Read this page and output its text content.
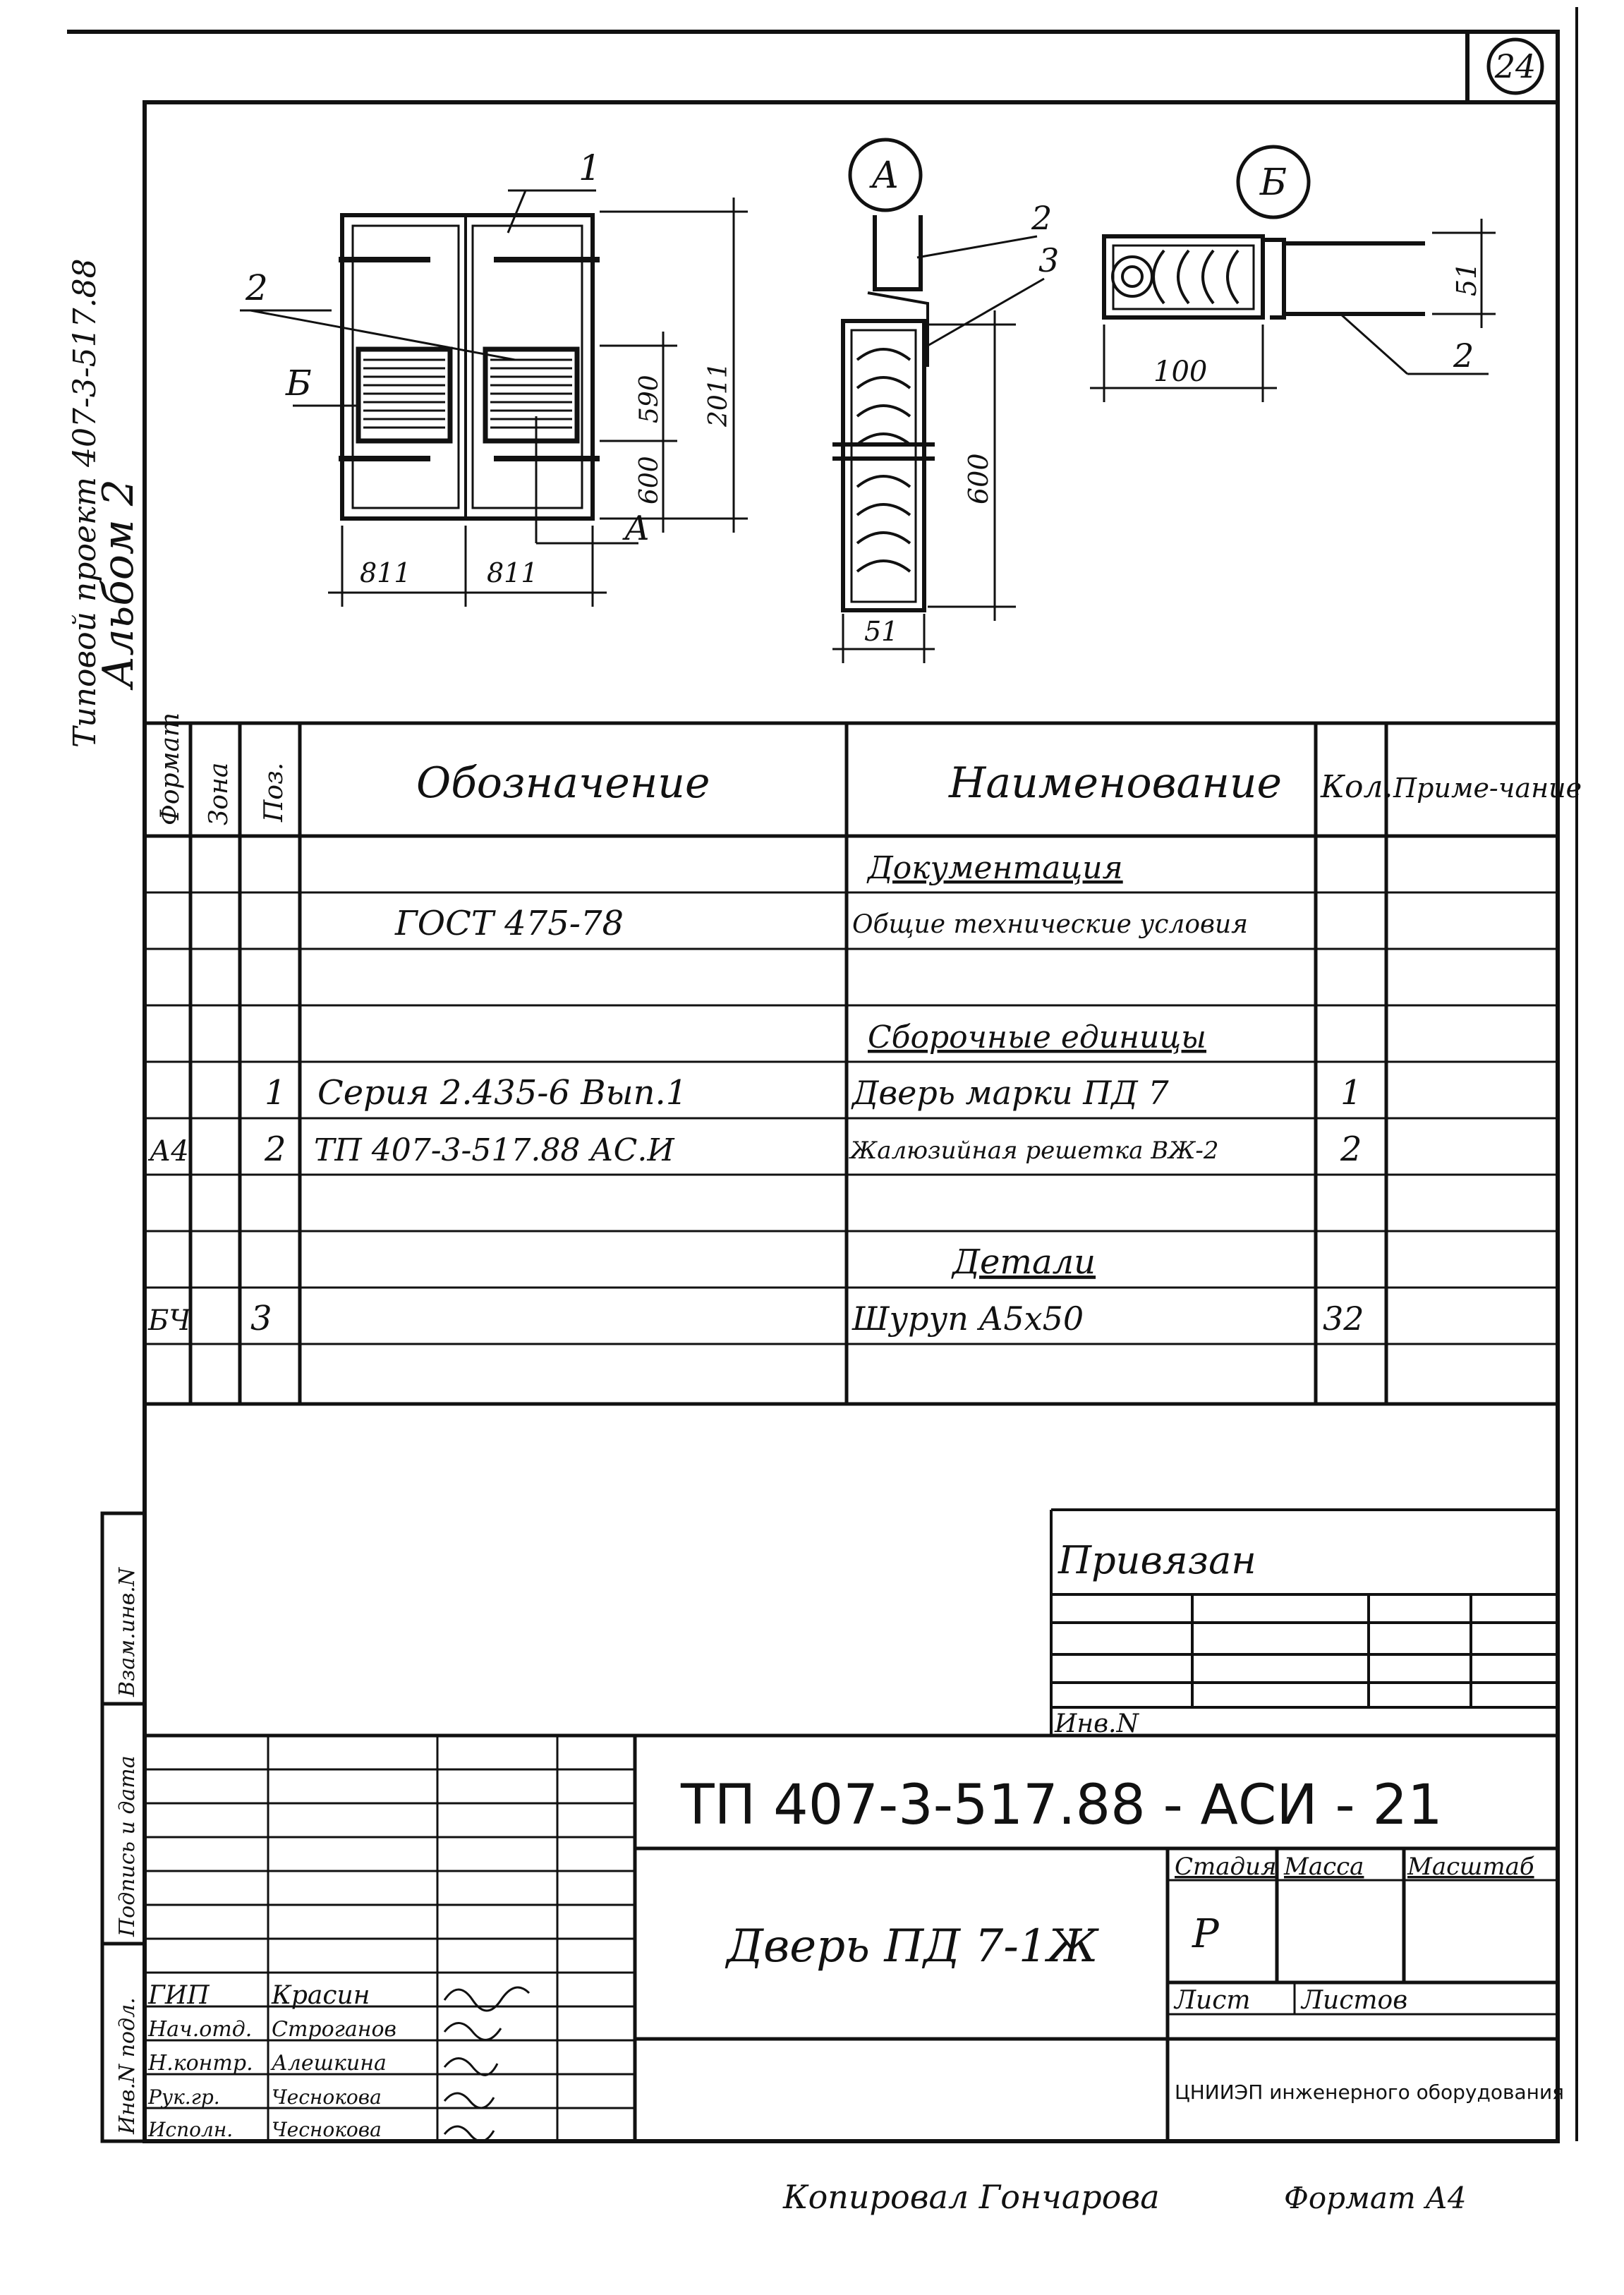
24
Типовой проект 407-3-517.88
Альбом 2
Инв.N подл.
Подпись и дата
Взам.инв.N
1
2
Б
А
811	811
590
600
2011
А
2
3
600
51
Б
100
51
2
Формат Зона Поз.	Обозначение	Наименование Кол. Приме-чание
Документация
ГОСТ 475-78	Общие технические условия
Сборочные единицы
1 Серия 2.435-6 Вып.1	Дверь марки ПД 7	1
А4 2 ТП 407-3-517.88 АС.И	Жалюзийная решетка ВЖ-2	2
Детали
БЧ 3	Шуруп А5х50	32
Привязан
Инв.N
ТП 407-3-517.88 - АСИ - 21
Дверь ПД 7-1Ж
Стадия Масса Масштаб
Р
Лист Листов
ЦНИИЭП инженерного оборудования
ГИП Красин
Нач.отд. Строганов
Н.контр. Алешкина
Рук.гр.	Чеснокова
Исполн. Чеснокова
Копировал Гончарова	Формат А4
